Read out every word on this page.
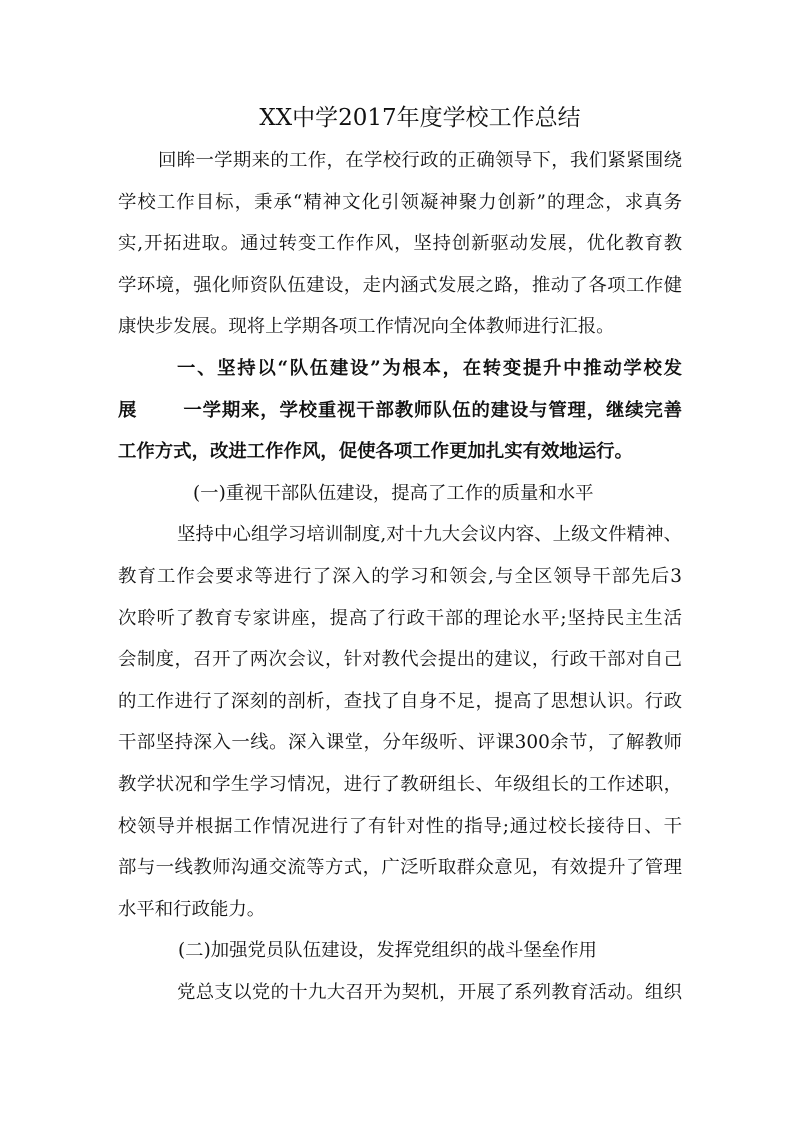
XX中学2017年度学校工作总结
回眸一学期来的工作，在学校行政的正确领导下，我们紧紧围绕
学校工作目标，秉承“精神文化引领凝神聚力创新”的理念，求真务
实,开拓进取。通过转变工作作风，坚持创新驱动发展，优化教育教
学环境，强化师资队伍建设，走内涵式发展之路，推动了各项工作健
康快步发展。现将上学期各项工作情况向全体教师进行汇报。
一、坚持以“队伍建设”为根本，在转变提升中推动学校发
展	一学期来，学校重视干部教师队伍的建设与管理，继续完善
工作方式，改进工作作风，促使各项工作更加扎实有效地运行。
(一)重视干部队伍建设，提高了工作的质量和水平
坚持中心组学习培训制度,对十九大会议内容、上级文件精神、
教育工作会要求等进行了深入的学习和领会,与全区领导干部先后3
次聆听了教育专家讲座，提高了行政干部的理论水平;坚持民主生活
会制度，召开了两次会议，针对教代会提出的建议，行政干部对自己
的工作进行了深刻的剖析，查找了自身不足，提高了思想认识。行政
干部坚持深入一线。深入课堂，分年级听、评课300余节，了解教师
教学状况和学生学习情况，进行了教研组长、年级组长的工作述职，
校领导并根据工作情况进行了有针对性的指导;通过校长接待日、干
部与一线教师沟通交流等方式，广泛听取群众意见，有效提升了管理
水平和行政能力。
(二)加强党员队伍建设，发挥党组织的战斗堡垒作用
党总支以党的十九大召开为契机，开展了系列教育活动。组织
